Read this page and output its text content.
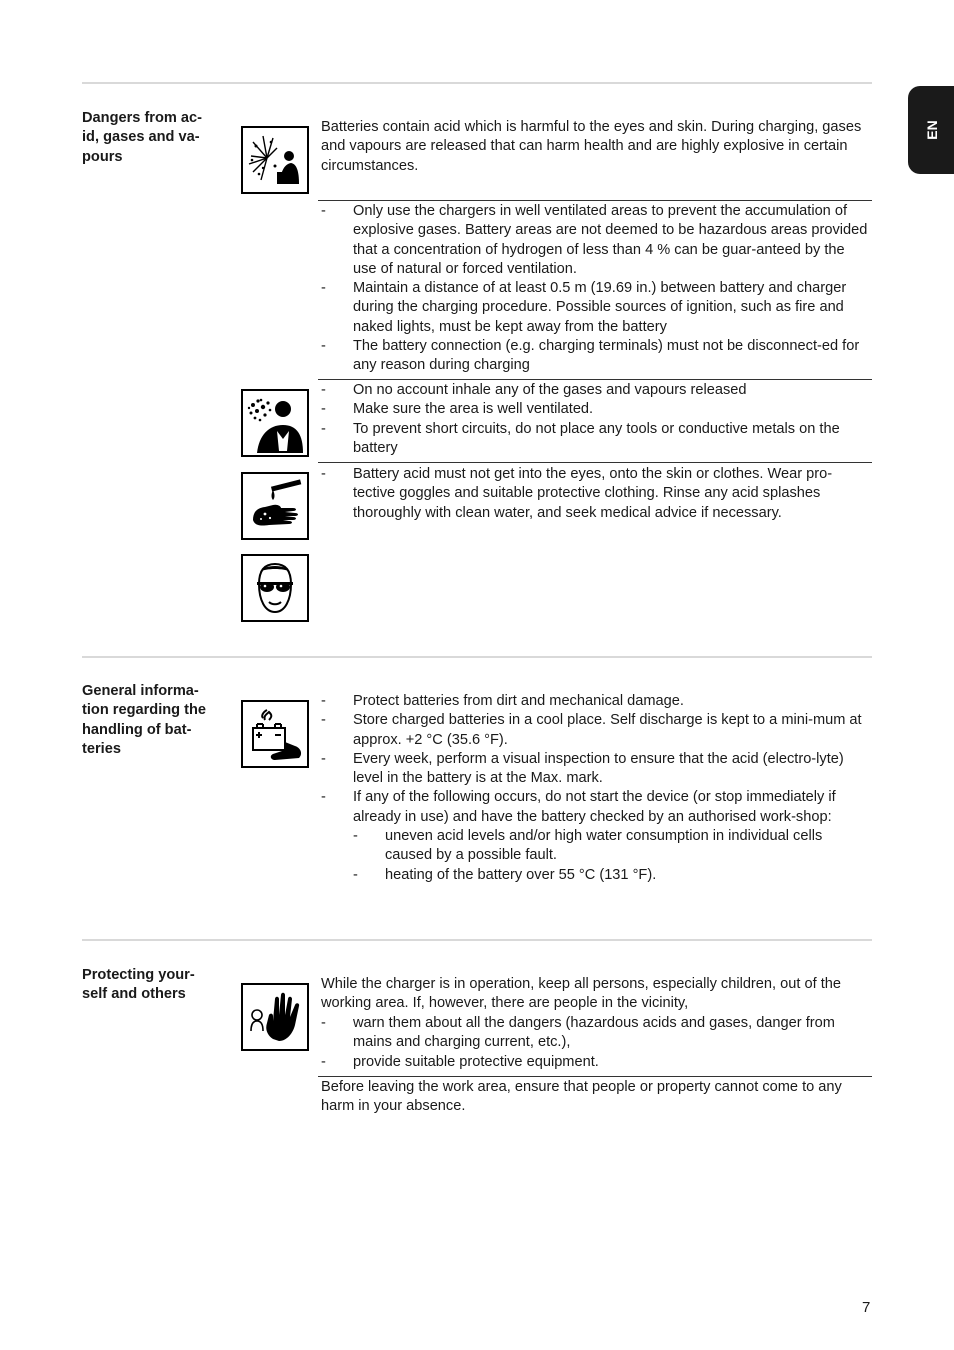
EN
Dangers from ac-
id, gases and va-
pours

Batteries contain acid which is harmful to the eyes and skin. During charging, gases and vapours are released that can harm health and are highly explosive in certain circumstances.

- Only use the chargers in well ventilated areas to prevent the accumulation of explosive gases. Battery areas are not deemed to be hazardous areas provided that a concentration of hydrogen of less than 4 % can be guar-anteed by the use of natural or forced ventilation.
- Maintain a distance of at least 0.5 m (19.69 in.) between battery and charger during the charging procedure. Possible sources of ignition, such as fire and naked lights, must be kept away from the battery
- The battery connection (e.g. charging terminals) must not be disconnect-ed for any reason during charging
- On no account inhale any of the gases and vapours released
- Make sure the area is well ventilated.
- To prevent short circuits, do not place any tools or conductive metals on the battery
- Battery acid must not get into the eyes, onto the skin or clothes. Wear pro-tective goggles and suitable protective clothing. Rinse any acid splashes thoroughly with clean water, and seek medical advice if necessary.
General informa-
tion regarding the
handling of bat-
teries
- Protect batteries from dirt and mechanical damage.
- Store charged batteries in a cool place. Self discharge is kept to a mini-mum at approx. +2 °C (35.6 °F).
- Every week, perform a visual inspection to ensure that the acid (electro-lyte) level in the battery is at the Max. mark.
- If any of the following occurs, do not start the device (or stop immediately if already in use) and have the battery checked by an authorised work-shop:
- uneven acid levels and/or high water consumption in individual cells caused by a possible fault.
- heating of the battery over 55 °C (131 °F).
Protecting your-
self and others

While the charger is in operation, keep all persons, especially children, out of the working area. If, however, there are people in the vicinity,

- warn them about all the dangers (hazardous acids and gases, danger from mains and charging current, etc.),
- provide suitable protective equipment.

Before leaving the work area, ensure that people or property cannot come to any harm in your absence.

7
